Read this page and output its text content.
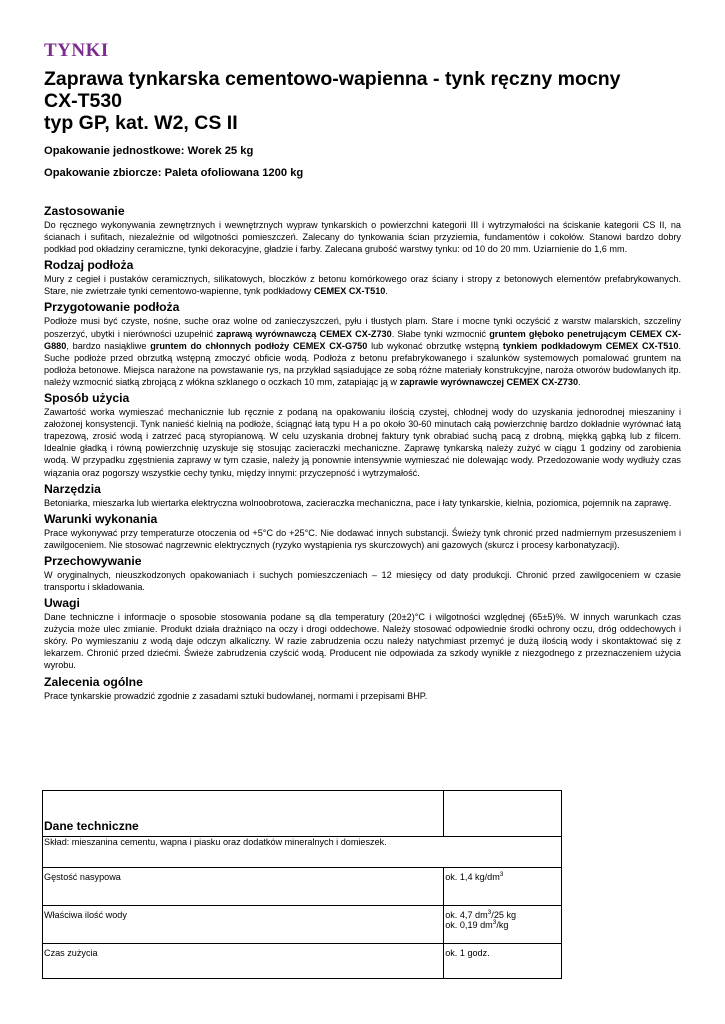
TYNKI
Zaprawa tynkarska cementowo-wapienna - tynk ręczny mocny
CX-T530
typ GP, kat. W2, CS II

Opakowanie jednostkowe: Worek 25 kg

Opakowanie zbiorcze: Paleta ofoliowana 1200 kg

Zastosowanie

Do ręcznego wykonywania zewnętrznych i wewnętrznych wypraw tynkarskich o powierzchni kategorii III i wytrzymałości na ściskanie kategorii CS II, na ścianach i sufitach, niezależnie od wilgotności pomieszczeń. Zalecany do tynkowania ścian przyziemia, fundamentów i cokołów. Stanowi bardzo dobry podkład pod okładziny ceramiczne, tynki dekoracyjne, gładzie i farby. Zalecana grubość warstwy tynku: od 10 do 20 mm. Uziarnienie do 1,6 mm.

Rodzaj podłoża

Mury z cegieł i pustaków ceramicznych, silikatowych, bloczków z betonu komórkowego oraz ściany i stropy z betonowych elementów prefabrykowanych. Stare, nie zwietrzałe tynki cementowo-wapienne, tynk podkładowy CEMEX CX-T510.

Przygotowanie podłoża

Podłoże musi być czyste, nośne, suche oraz wolne od zanieczyszczeń, pyłu i tłustych plam. Stare i mocne tynki oczyścić z warstw malarskich, szczeliny poszerzyć, ubytki i nierówności uzupełnić zaprawą wyrównawczą CEMEX CX-Z730. Słabe tynki wzmocnić gruntem głęboko penetrującym CEMEX CX-G880, bardzo nasiąkliwe gruntem do chłonnych podłoży CEMEX CX-G750 lub wykonać obrzutkę wstępną tynkiem podkładowym CEMEX CX-T510. Suche podłoże przed obrzutką wstępną zmoczyć obficie wodą. Podłoża z betonu prefabrykowanego i szalunków systemowych pomalować gruntem na podłoża betonowe. Miejsca narażone na powstawanie rys, na przykład sąsiadujące ze sobą różne materiały konstrukcyjne, naroża otworów budowlanych itp. należy wzmocnić siatką zbrojącą z włókna szklanego o oczkach 10 mm, zatapiając ją w zaprawie wyrównawczej CEMEX CX-Z730.

Sposób użycia

Zawartość worka wymieszać mechanicznie lub ręcznie z podaną na opakowaniu ilością czystej, chłodnej wody do uzyskania jednorodnej mieszaniny i założonej konsystencji. Tynk nanieść kielnią na podłoże, ściągnąć łatą typu H a po około 30-60 minutach całą powierzchnię bardzo dokładnie wyrównać łatą trapezową, zrosić wodą i zatrzeć pacą styropianową. W celu uzyskania drobnej faktury tynk obrabiać suchą pacą z drobną, miękką gąbką lub z filcem. Idealnie gładką i równą powierzchnię uzyskuje się stosując zacieraczki mechaniczne. Zaprawę tynkarską należy zużyć w ciągu 1 godziny od zarobienia wodą. W przypadku zgęstnienia zaprawy w tym czasie, należy ją ponownie intensywnie wymieszać nie dolewając wody. Przedozowanie wody wydłuży czas wiązania oraz pogorszy wszystkie cechy tynku, między innymi: przyczepność i wytrzymałość.

Narzędzia

Betoniarka, mieszarka lub wiertarka elektryczna wolnoobrotowa, zacieraczka mechaniczna, pace i łaty tynkarskie, kielnia, poziomica, pojemnik na zaprawę.

Warunki wykonania

Prace wykonywać przy temperaturze otoczenia od +5°C do +25°C. Nie dodawać innych substancji. Świeży tynk chronić przed nadmiernym przesuszeniem i zawilgoceniem. Nie stosować nagrzewnic elektrycznych (ryzyko wystąpienia rys skurczowych) ani gazowych (skurcz i procesy karbonatyzacji).

Przechowywanie

W oryginalnych, nieuszkodzonych opakowaniach i suchych pomieszczeniach – 12 miesięcy od daty produkcji. Chronić przed zawilgoceniem w czasie transportu i składowania.

Uwagi

Dane techniczne i informacje o sposobie stosowania podane są dla temperatury (20±2)°C i wilgotności względnej (65±5)%. W innych warunkach czas zużycia może ulec zmianie. Produkt działa drażniąco na oczy i drogi oddechowe. Należy stosować odpowiednie środki ochrony oczu, dróg oddechowych i skóry. Po wymieszaniu z wodą daje odczyn alkaliczny. W razie zabrudzenia oczu należy natychmiast przemyć je dużą ilością wody i skontaktować się z lekarzem. Chronić przed dziećmi. Świeże zabrudzenia czyścić wodą. Producent nie odpowiada za szkody wynikłe z niezgodnego z przeznaczeniem użycia wyrobu.

Zalecenia ogólne

Prace tynkarskie prowadzić zgodnie z zasadami sztuki budowlanej, normami i przepisami BHP.

Dane techniczne	

Skład: mieszanina cementu, wapna i piasku oraz dodatków mineralnych i domieszek.	
Gęstość nasypowa	ok. 1,4 $kg/dm^3$
Właściwa ilość wody	ok. 4,7 $dm^3/25$ kg
ok. 0,19 $dm^3/kg$
Czas zużycia	ok. 1 godz.
